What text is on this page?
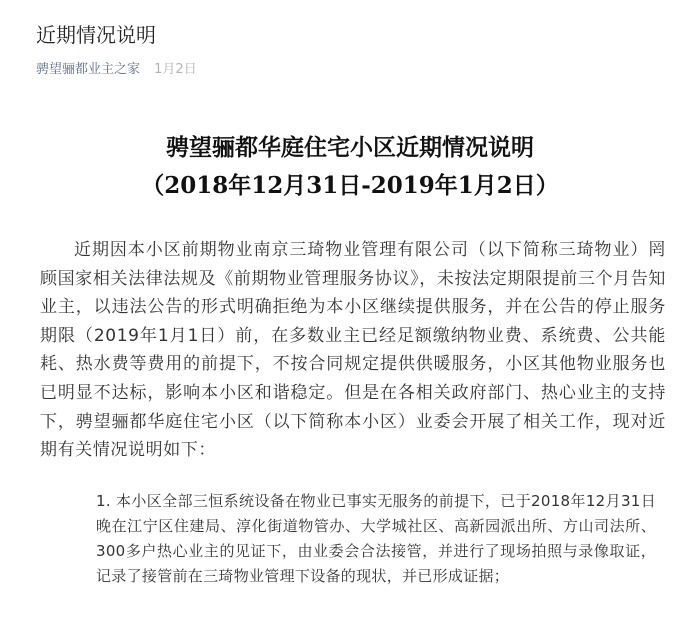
近期情况说明
骋望骊都业主之家 1月2日
骋望骊都华庭住宅小区近期情况说明
（2018年12月31日-2019年1月2日）

近期因本小区前期物业南京三琦物业管理有限公司（以下简称三琦物业）罔顾国家相关法律法规及《前期物业管理服务协议》，未按法定期限提前三个月告知业主，以违法公告的形式明确拒绝为本小区继续提供服务，并在公告的停止服务期限（2019年1月1日）前，在多数业主已经足额缴纳物业费、系统费、公共能耗、热水费等费用的前提下，不按合同规定提供供暖服务，小区其他物业服务也已明显不达标，影响本小区和谐稳定。但是在各相关政府部门、热心业主的支持下，骋望骊都华庭住宅小区（以下简称本小区）业委会开展了相关工作，现对近期有关情况说明如下：

1. 本小区全部三恒系统设备在物业已事实无服务的前提下，已于2018年12月31日晚在江宁区住建局、淳化街道物管办、大学城社区、高新园派出所、方山司法所、300多户热心业主的见证下，由业委会合法接管，并进行了现场拍照与录像取证，记录了接管前在三琦物业管理下设备的现状，并已形成证据；
